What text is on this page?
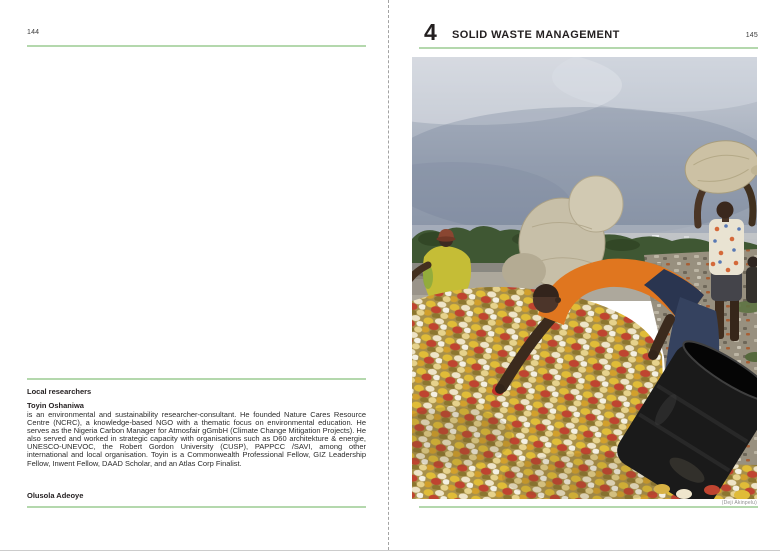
144
Local researchers
Toyin Oshaniwa

is an environmental and sustainability researcher-consultant. He founded Nature Cares Resource Centre (NCRC), a knowledge-based NGO with a thematic focus on environmental education. He serves as the Nigeria Carbon Manager for Atmosfair gGmbH (Climate Change Mitigation Projects). He also served and worked in strategic capacity with organisations such as D60 architekture & energie, UNESCO-UNEVOC, the Robert Gordon University (CUSP), PAPPCC /SAVI, among other international and local organisation. Toyin is a Commonwealth Professional Fellow, GIZ Leadership Fellow, Inwent Fellow, DAAD Scholar, and an Atlas Corp Finalist.

Olusola Adeoye
4 SOLID WASTE MANAGEMENT	145
(Deji Akinpelu)
